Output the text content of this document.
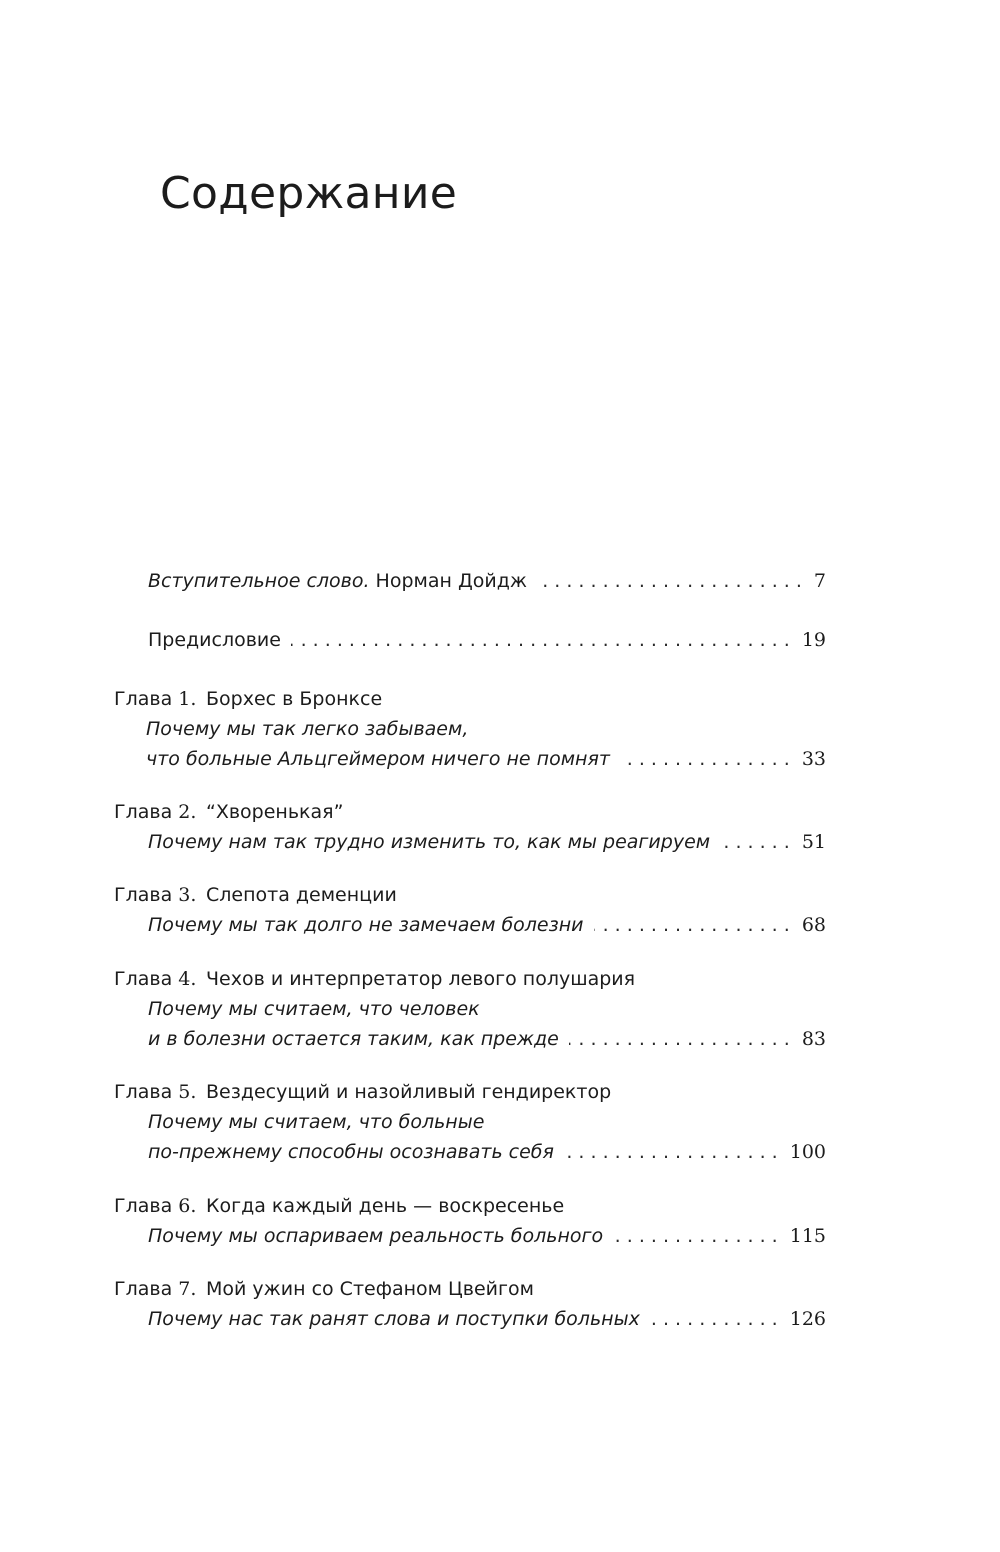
Содержание
Вступительное слово. Норман Дойдж . . .	7
Предисловие . . .	19
Глава 1. Борхес в Бронксе
Почему мы так легко забываем,
что больные Альцгеймером ничего не помнят . . .	33
Глава 2. “Хворенькая”
Почему нам так трудно изменить то, как мы реагируем . . .	51
Глава 3. Слепота деменции
Почему мы так долго не замечаем болезни . . .	68
Глава 4. Чехов и интерпретатор левого полушария
Почему мы считаем, что человек
и в болезни остается таким, как прежде . . .	83
Глава 5. Вездесущий и назойливый гендиректор
Почему мы считаем, что больные
по-прежнему способны осознавать себя . . .	100
Глава 6. Когда каждый день — воскресенье
Почему мы оспариваем реальность больного . . .	115
Глава 7. Мой ужин со Стефаном Цвейгом
Почему нас так ранят слова и поступки больных . . .	126
